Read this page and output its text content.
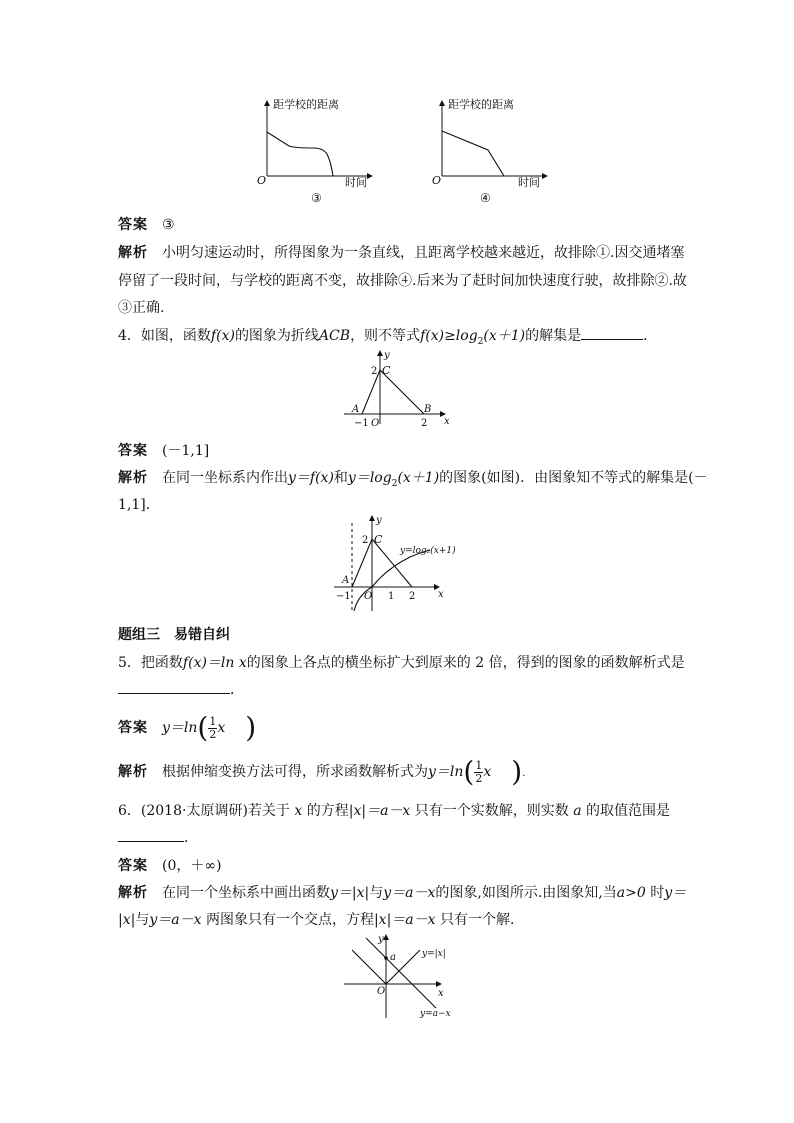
距学校的距离
O	时间
③
距学校的距离
O	时间
④
答案 ③
解析 小明匀速运动时，所得图象为一条直线，且距离学校越来越近，故排除①.因交通堵塞
停留了一段时间，与学校的距离不变，故排除④.后来为了赶时间加快速度行驶，故排除②.故
③正确.
4．如图，函数f(x)的图象为折线ACB，则不等式$f(x)\ge\log_2(x+1)$的解集是	．
y
x
C
2
A	B
−1 O	2
答案 (－1,1]
解析 在同一坐标系内作出y＝f(x)和$y=\log_2(x+1)$的图象(如图)．由图象知不等式的解集是(－
1,1]．
y
x
C
2
A
−1 O 1 2
y=log₂(x+1)
题组三　易错自纠
5．把函数f(x)＝ln x的图象上各点的横坐标扩大到原来的 2 倍，得到的图象的函数解析式是
．
答案 $y=\ln( \frac{1}{2}$ x )
解析 根据伸缩变换方法可得，所求函数解析式为$y=\ln( \frac{1}{2}$ x ).
6．(2018·太原调研)若关于 x 的方程|x|＝a－x 只有一个实数解，则实数 a 的取值范围是
．
答案 (0，＋∞)
解析 在同一个坐标系中画出函数y＝|x|与y＝a－x的图象,如图所示.由图象知,当a>0 时y＝
|x|与y＝a－x 两图象只有一个交点，方程|x|＝a－x 只有一个解．
y
x
O
a	y=|x|
y=a−x
